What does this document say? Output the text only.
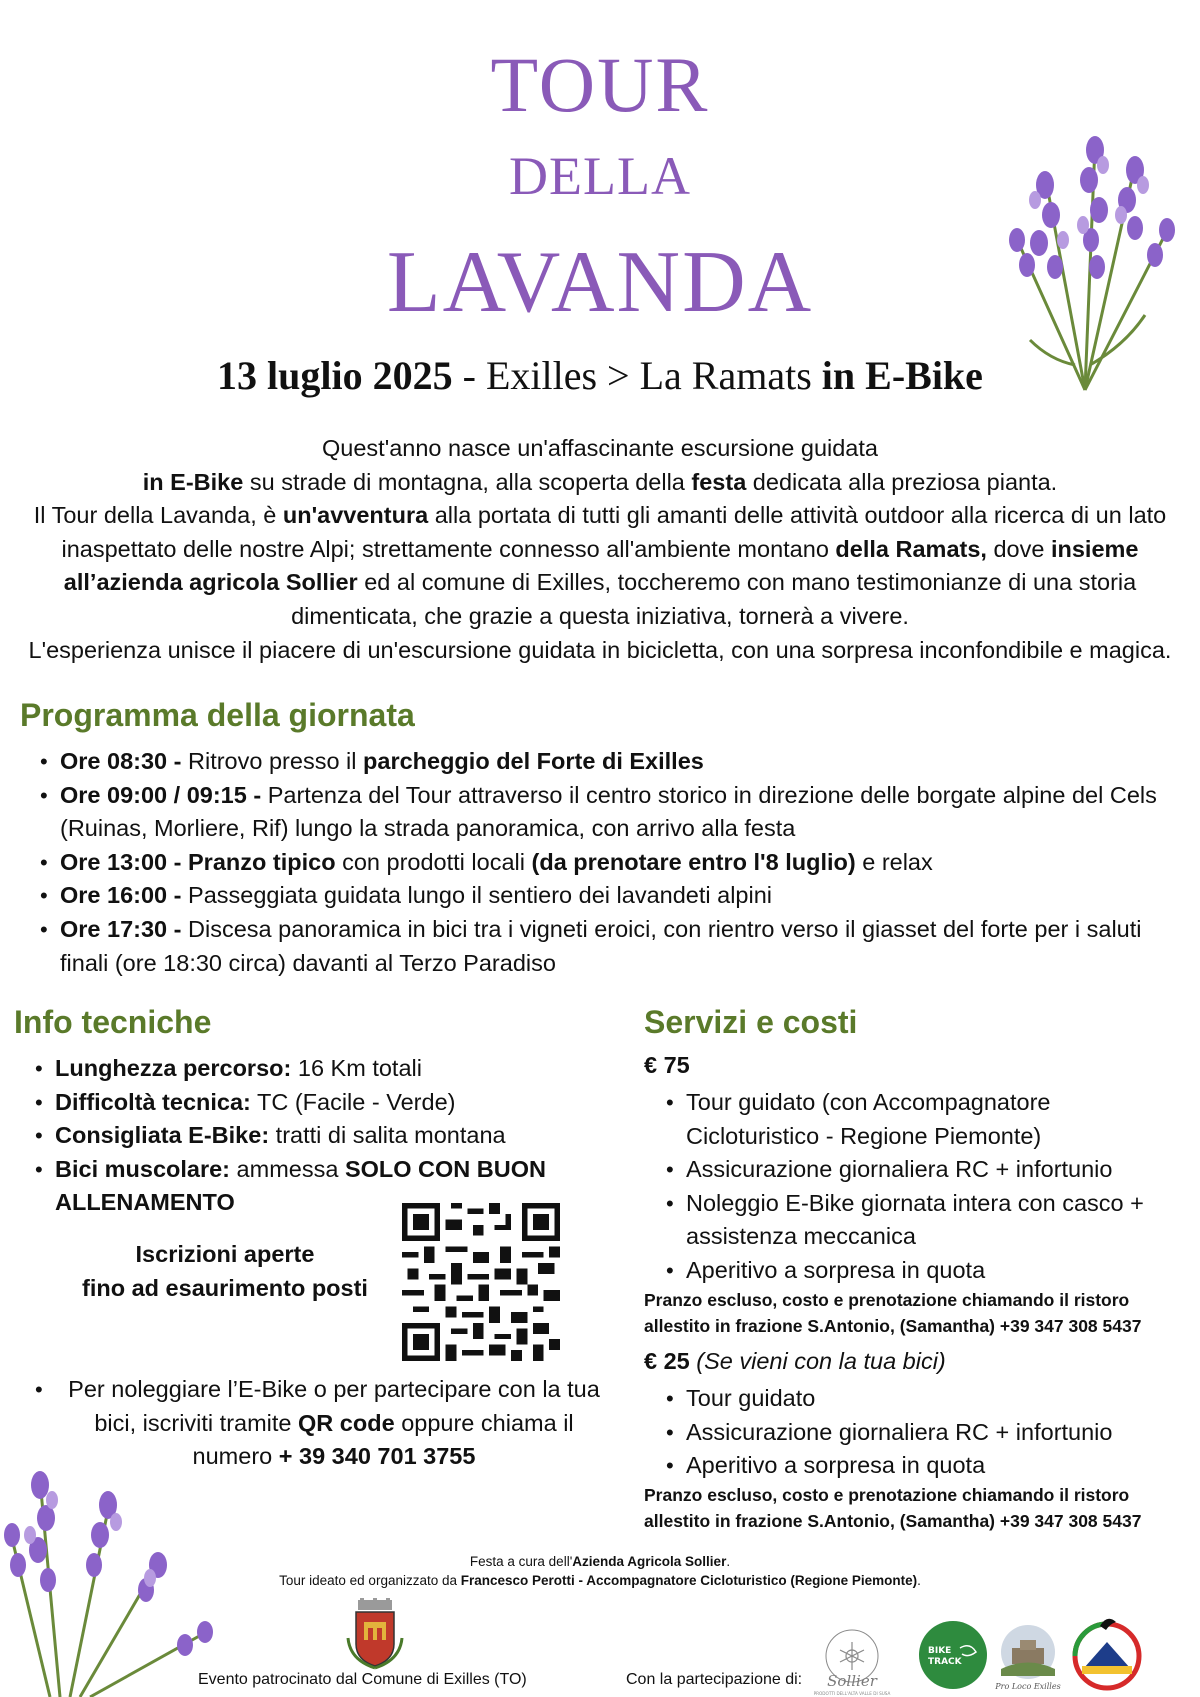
TOUR
DELLA
LAVANDA
13 luglio 2025 - Exilles > La Ramats in E-Bike
Quest'anno nasce un'affascinante escursione guidata
in E-Bike su strade di montagna, alla scoperta della festa dedicata alla preziosa pianta.
Il Tour della Lavanda, è un'avventura alla portata di tutti gli amanti delle attività outdoor alla ricerca di un lato inaspettato delle nostre Alpi; strettamente connesso all'ambiente montano della Ramats, dove insieme all’azienda agricola Sollier ed al comune di Exilles, toccheremo con mano testimonianze di una storia dimenticata, che grazie a questa iniziativa, tornerà a vivere.
L'esperienza unisce il piacere di un'escursione guidata in bicicletta, con una sorpresa inconfondibile e magica.
Programma della giornata
• Ore 08:30 - Ritrovo presso il parcheggio del Forte di Exilles
• Ore 09:00 / 09:15 - Partenza del Tour attraverso il centro storico in direzione delle borgate alpine del Cels (Ruinas, Morliere, Rif) lungo la strada panoramica, con arrivo alla festa
• Ore 13:00 - Pranzo tipico con prodotti locali (da prenotare entro l'8 luglio) e relax
• Ore 16:00 - Passeggiata guidata lungo il sentiero dei lavandeti alpini
• Ore 17:30 - Discesa panoramica in bici tra i vigneti eroici, con rientro verso il giasset del forte per i saluti finali (ore 18:30 circa) davanti al Terzo Paradiso
Info tecniche
• Lunghezza percorso: 16 Km totali
• Difficoltà tecnica: TC (Facile - Verde)
• Consigliata E-Bike: tratti di salita montana
• Bici muscolare: ammessa SOLO CON BUON ALLENAMENTO
Iscrizioni aperte
fino ad esaurimento posti
• Per noleggiare l’E-Bike o per partecipare con la tua bici, iscriviti tramite QR code oppure chiama il numero + 39 340 701 3755
Servizi e costi
€ 75
• Tour guidato (con Accompagnatore Cicloturistico - Regione Piemonte)
• Assicurazione giornaliera RC + infortunio
• Noleggio E-Bike giornata intera con casco + assistenza meccanica
• Aperitivo a sorpresa in quota
Pranzo escluso, costo e prenotazione chiamando il ristoro allestito in frazione S.Antonio, (Samantha) +39 347 308 5437
€ 25 (Se vieni con la tua bici)
• Tour guidato
• Assicurazione giornaliera RC + infortunio
• Aperitivo a sorpresa in quota
Pranzo escluso, costo e prenotazione chiamando il ristoro allestito in frazione S.Antonio, (Samantha) +39 347 308 5437
Festa a cura dell'Azienda Agricola Sollier.
Tour ideato ed organizzato da Francesco Perotti - Accompagnatore Cicloturistico (Regione Piemonte).
Evento patrocinato dal Comune di Exilles (TO)	Con la partecipazione di: Sollier
PRODOTTI DELL'ALTA VALLE DI SUSA
BIKE
TRACK
Pro Loco Exilles
